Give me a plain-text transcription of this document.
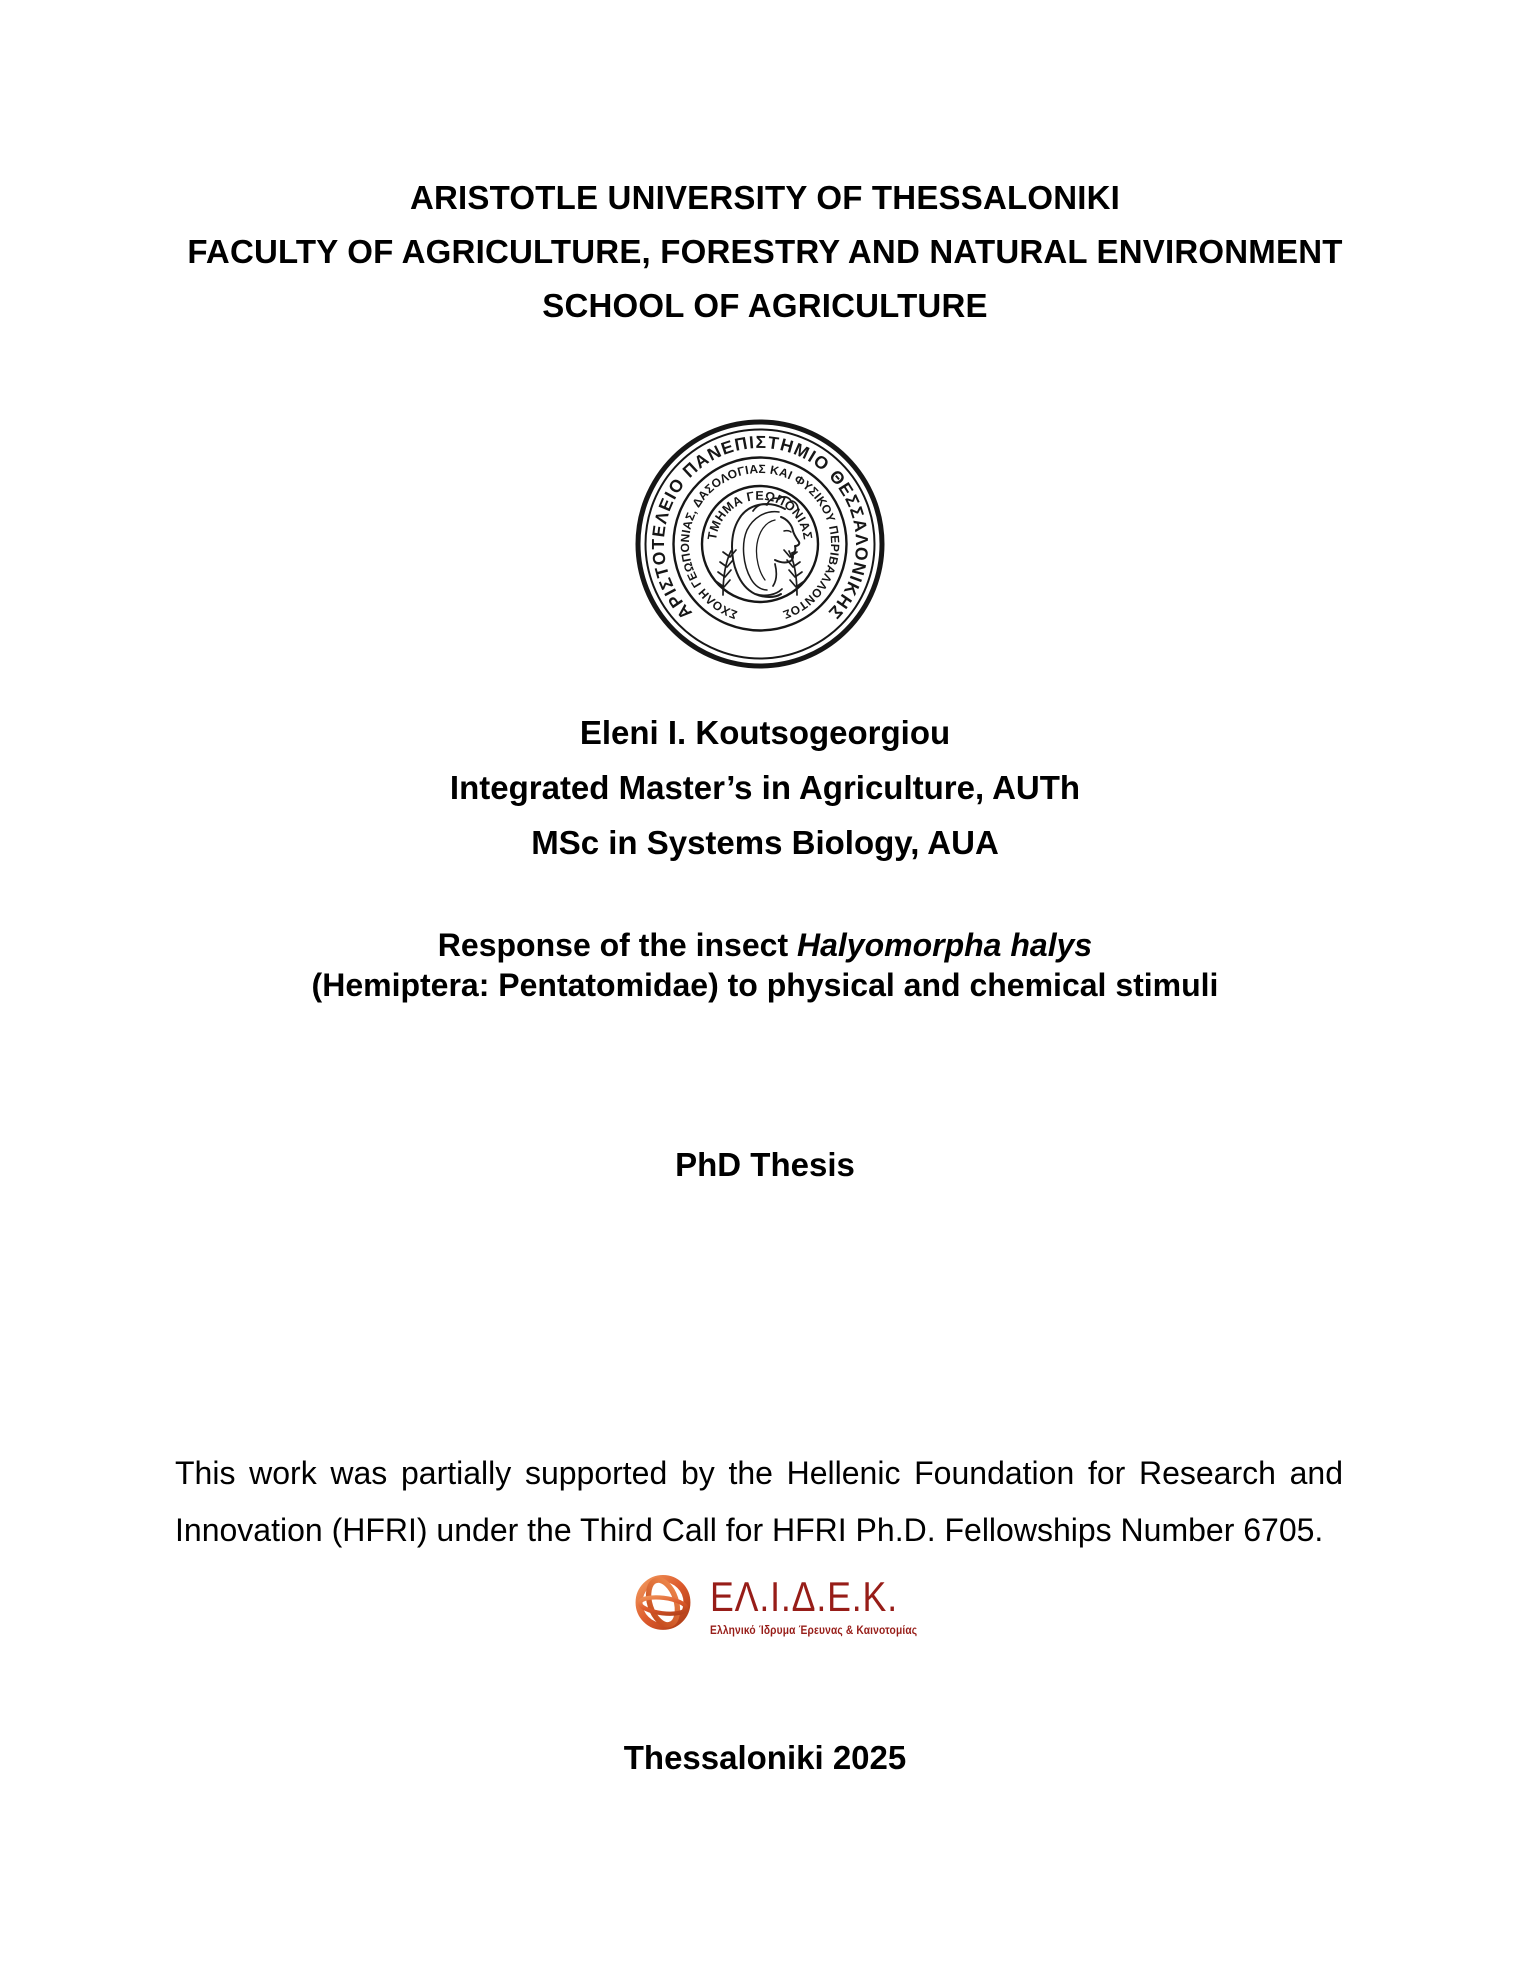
ARISTOTLE UNIVERSITY OF THESSALONIKI
FACULTY OF AGRICULTURE, FORESTRY AND NATURAL ENVIRONMENT
SCHOOL OF AGRICULTURE
ΑΡΙΣΤΟΤΕΛΕΙΟ ΠΑΝΕΠΙΣΤΗΜΙΟ ΘΕΣΣΑΛΟΝΙΚΗΣ
ΣΧΟΛΗ ΓΕΩΠΟΝΙΑΣ, ΔΑΣΟΛΟΓΙΑΣ ΚΑΙ ΦΥΣΙΚΟΥ ΠΕΡΙΒΑΛΛΟΝΤΟΣ
ΤΜΗΜΑ ΓΕΩΠΟΝΙΑΣ
Eleni I. Koutsogeorgiou
Integrated Master’s in Agriculture, AUTh
MSc in Systems Biology, AUA
Response of the insect Halyomorpha halys
(Hemiptera: Pentatomidae) to physical and chemical stimuli
PhD Thesis
This work was partially supported by the Hellenic Foundation for Research and
Innovation (HFRI) under the Third Call for HFRI Ph.D. Fellowships Number 6705.
ΕΛ.Ι.Δ.Ε.Κ.
Ελληνικό Ίδρυμα Έρευνας & Καινοτομίας
Thessaloniki 2025
